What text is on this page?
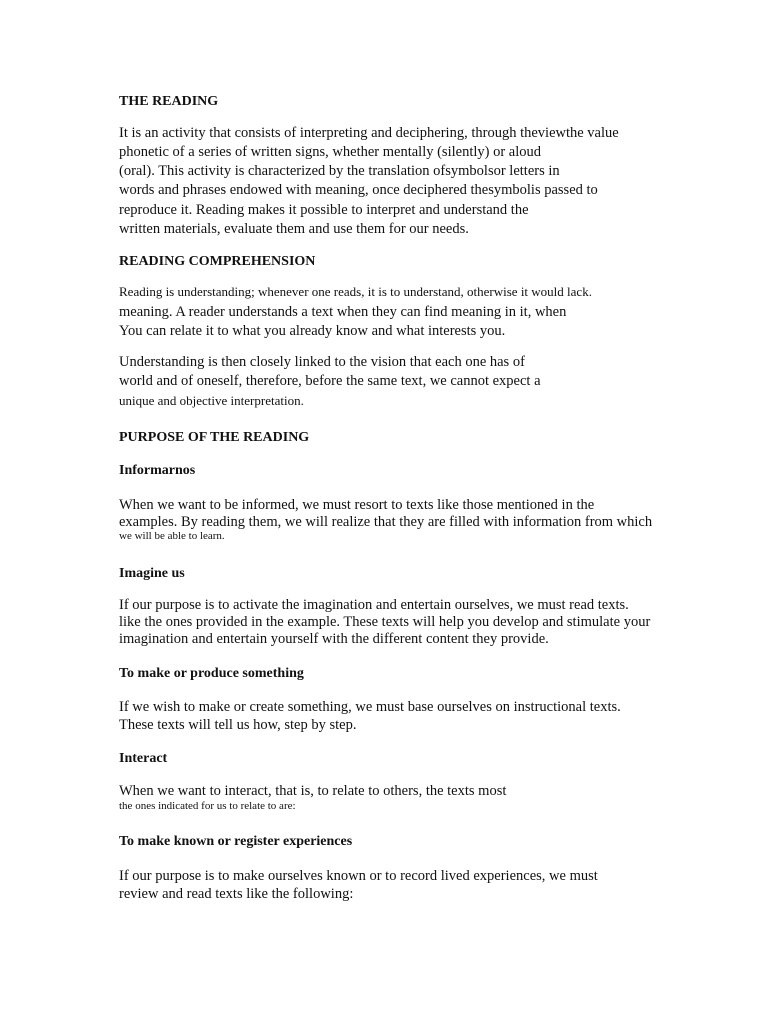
THE READING

It is an activity that consists of interpreting and deciphering, through theviewthe value

phonetic of a series of written signs, whether mentally (silently) or aloud

(oral). This activity is characterized by the translation ofsymbolsor letters in

words and phrases endowed with meaning, once deciphered thesymbolis passed to

reproduce it. Reading makes it possible to interpret and understand the

written materials, evaluate them and use them for our needs.

READING COMPREHENSION

Reading is understanding; whenever one reads, it is to understand, otherwise it would lack.

meaning. A reader understands a text when they can find meaning in it, when

You can relate it to what you already know and what interests you.

Understanding is then closely linked to the vision that each one has of

world and of oneself, therefore, before the same text, we cannot expect a

unique and objective interpretation.

PURPOSE OF THE READING

Informarnos

When we want to be informed, we must resort to texts like those mentioned in the

examples. By reading them, we will realize that they are filled with information from which

we will be able to learn.

Imagine us

If our purpose is to activate the imagination and entertain ourselves, we must read texts.

like the ones provided in the example. These texts will help you develop and stimulate your

imagination and entertain yourself with the different content they provide.

To make or produce something

If we wish to make or create something, we must base ourselves on instructional texts.

These texts will tell us how, step by step.

Interact

When we want to interact, that is, to relate to others, the texts most

the ones indicated for us to relate to are:

To make known or register experiences

If our purpose is to make ourselves known or to record lived experiences, we must

review and read texts like the following:
